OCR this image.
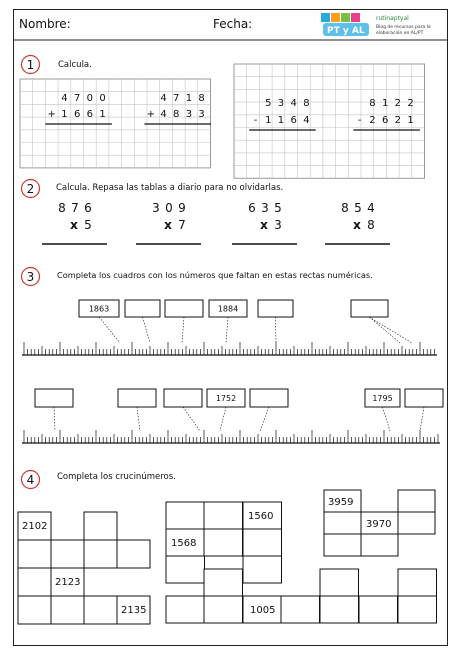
Nombre:	Fecha:	PT y AL
rutinaptyal
Blog de recursos para la
elaboración en AL/PT
1	Calcula.
4 7 0 0
+ 1 6 6 1
4 7 1 8
+ 4 8 3 3
5 3 4 8
- 1 1 6 4
8 1 2 2
- 2 6 2 1
2	Calcula. Repasa las tablas a diario para no olvidarlas.
8 7 6
x 5
3 0 9
x 7
6 3 5
x 3
8 5 4
x 8
3	Completa los cuadros con los números que faltan en estas rectas numéricas.
1863	1884
1752	1795
4	Completa los crucinúmeros.
2102
2123
2135
1560
1568
1005
3959
3970
